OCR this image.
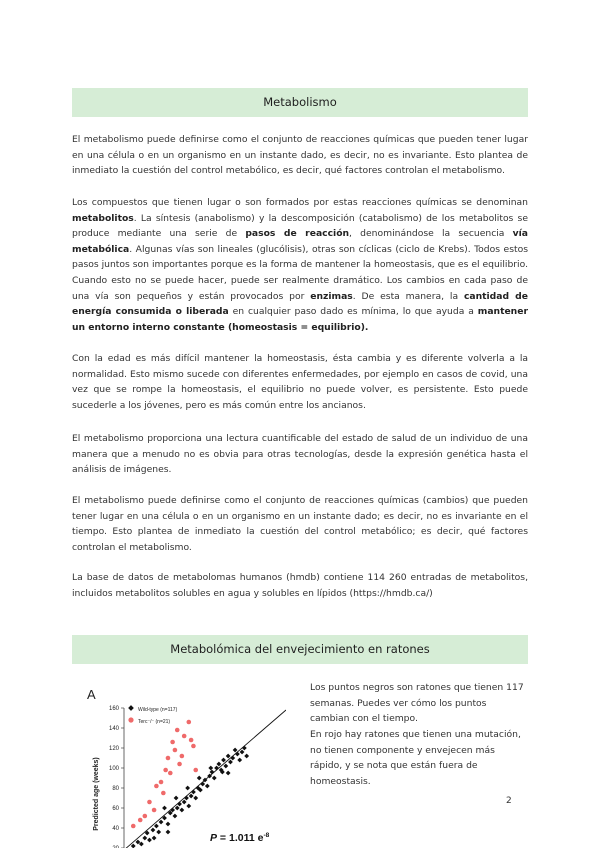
Metabolismo

El metabolismo puede definirse como el conjunto de reacciones químicas que pueden tener lugar en una célula o en un organismo en un instante dado, es decir, no es invariante. Esto plantea de inmediato la cuestión del control metabólico, es decir, qué factores controlan el metabolismo.

Los compuestos que tienen lugar o son formados por estas reacciones químicas se denominan metabolitos. La síntesis (anabolismo) y la descomposición (catabolismo) de los metabolitos se produce mediante una serie de pasos de reacción, denominándose la secuencia vía metabólica. Algunas vías son lineales (glucólisis), otras son cíclicas (ciclo de Krebs). Todos estos pasos juntos son importantes porque es la forma de mantener la homeostasis, que es el equilibrio. Cuando esto no se puede hacer, puede ser realmente dramático. Los cambios en cada paso de una vía son pequeños y están provocados por enzimas. De esta manera, la cantidad de energía consumida o liberada en cualquier paso dado es mínima, lo que ayuda a mantener un entorno interno constante (homeostasis = equilibrio).

Con la edad es más difícil mantener la homeostasis, ésta cambia y es diferente volverla a la normalidad. Esto mismo sucede con diferentes enfermedades, por ejemplo en casos de covid, una vez que se rompe la homeostasis, el equilibrio no puede volver, es persistente. Esto puede sucederle a los jóvenes, pero es más común entre los ancianos.

El metabolismo proporciona una lectura cuantificable del estado de salud de un individuo de una manera que a menudo no es obvia para otras tecnologías, desde la expresión genética hasta el análisis de imágenes.

El metabolismo puede definirse como el conjunto de reacciones químicas (cambios) que pueden tener lugar en una célula o en un organismo en un instante dado; es decir, no es invariante en el tiempo. Esto plantea de inmediato la cuestión del control metabólico; es decir, qué factores controlan el metabolismo.

La base de datos de metabolomas humanos (hmdb) contiene 114 260 entradas de metabolitos, incluidos metabolitos solubles en agua y solubles en lípidos (https://hmdb.ca/)

Metabolómica del envejecimiento en ratones
A
Predicted age (weeks) 40
60
80
100
120
140
160	Wild-type (n=117)
Terc⁻/⁻ (n=21)
P = 1.011 $e^{-8}$

Los puntos negros son ratones que tienen 117 semanas. Puedes ver cómo los puntos cambian con el tiempo.

En rojo hay ratones que tienen una mutación, no tienen componente y envejecen más rápido, y se nota que están fuera de homeostasis.

2
